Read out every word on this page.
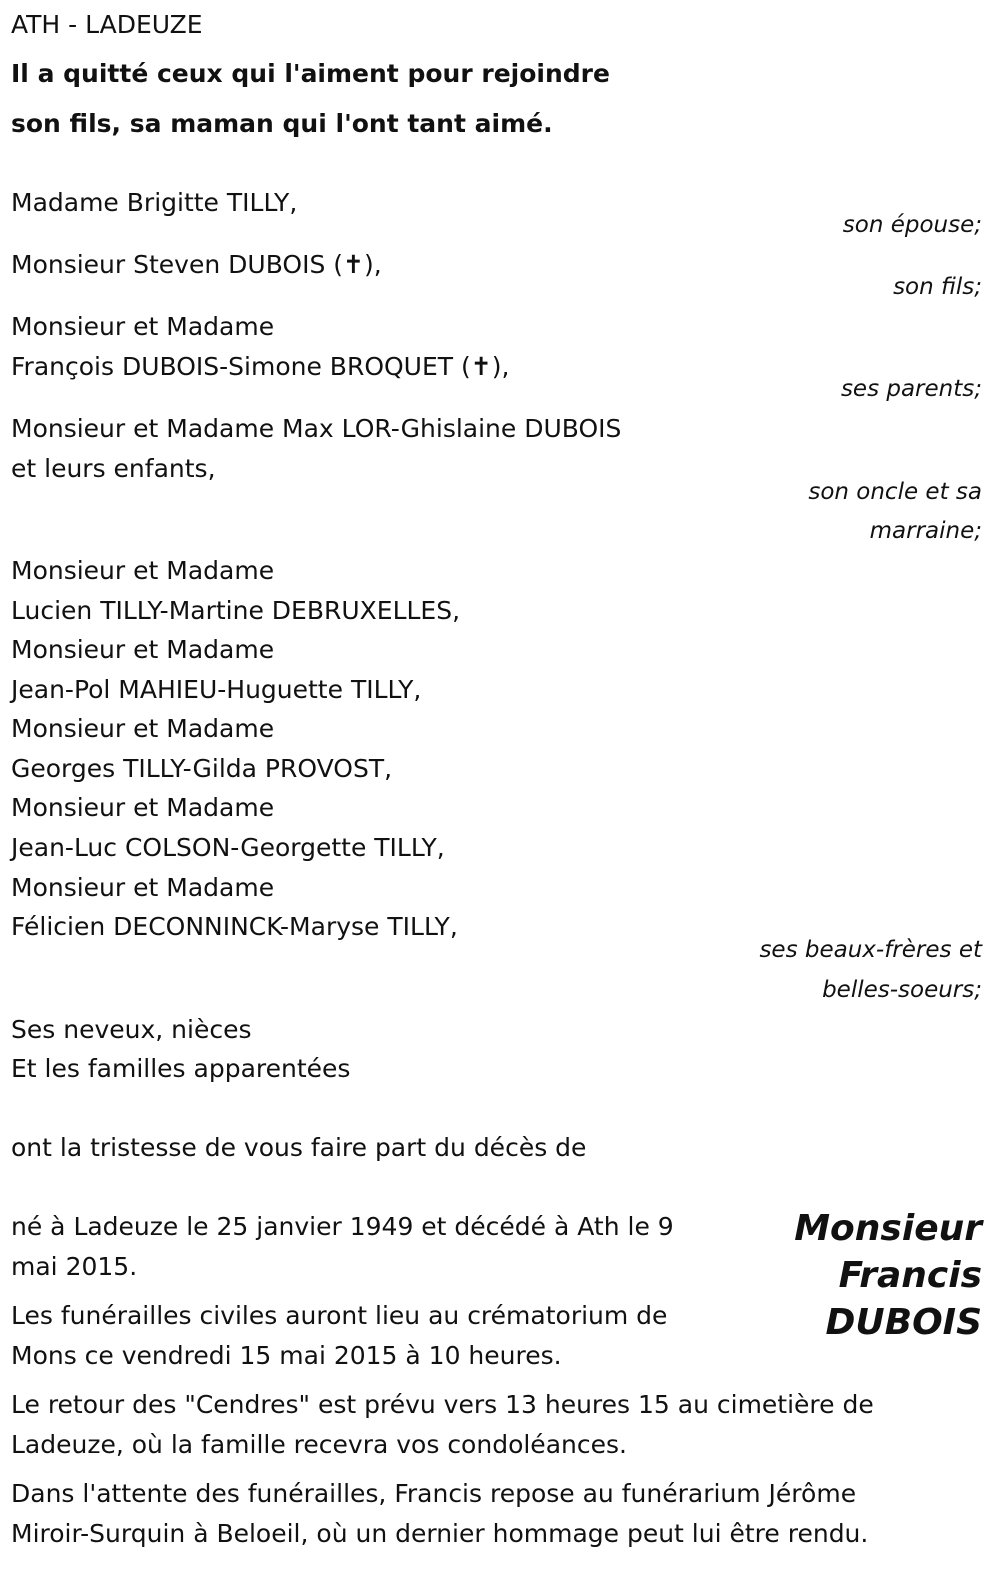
ATH - LADEUZE
Il a quitté ceux qui l'aiment pour rejoindre
son fils, sa maman qui l'ont tant aimé.
Madame Brigitte TILLY,
son épouse;
Monsieur Steven DUBOIS (✝),
son fils;
Monsieur et Madame
François DUBOIS-Simone BROQUET (✝),
ses parents;
Monsieur et Madame Max LOR-Ghislaine DUBOIS
et leurs enfants,
son oncle et sa
marraine;
Monsieur et Madame
Lucien TILLY-Martine DEBRUXELLES,
Monsieur et Madame
Jean-Pol MAHIEU-Huguette TILLY,
Monsieur et Madame
Georges TILLY-Gilda PROVOST,
Monsieur et Madame
Jean-Luc COLSON-Georgette TILLY,
Monsieur et Madame
Félicien DECONNINCK-Maryse TILLY,
ses beaux-frères et
belles-soeurs;
Ses neveux, nièces
Et les familles apparentées
ont la tristesse de vous faire part du décès de
Monsieur
Francis
DUBOIS
né à Ladeuze le 25 janvier 1949 et décédé à Ath le 9
mai 2015.
Les funérailles civiles auront lieu au crématorium de
Mons ce vendredi 15 mai 2015 à 10 heures.
Le retour des "Cendres" est prévu vers 13 heures 15 au cimetière de
Ladeuze, où la famille recevra vos condoléances.
Dans l'attente des funérailles, Francis repose au funérarium Jérôme
Miroir-Surquin à Beloeil, où un dernier hommage peut lui être rendu.
